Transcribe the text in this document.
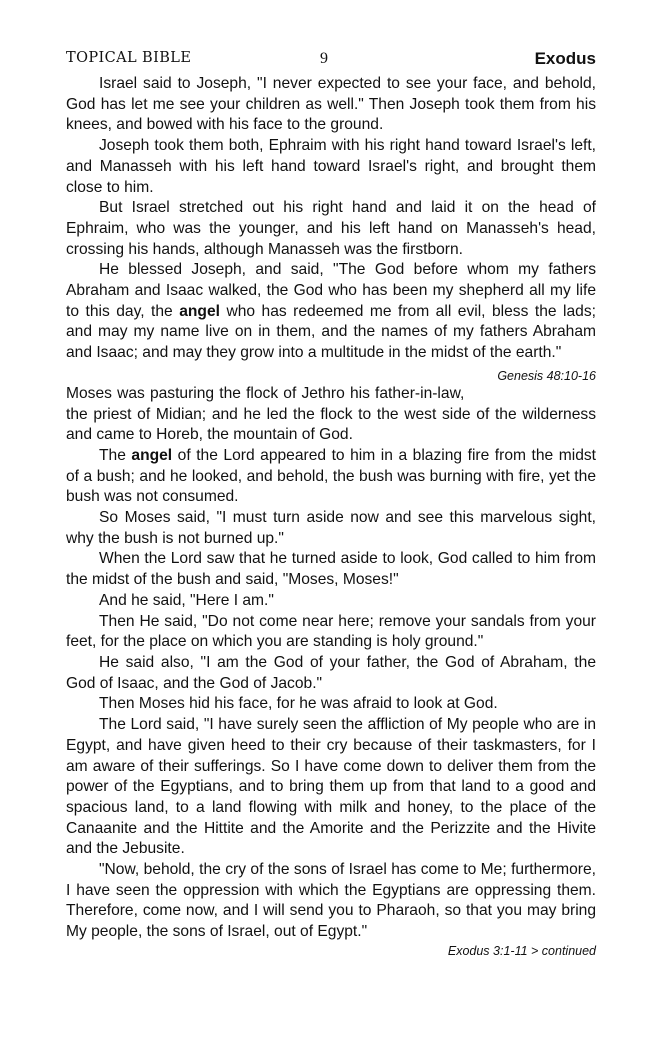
TOPICAL BIBLE	9	Exodus

Israel said to Joseph, "I never expected to see your face, and behold, God has let me see your children as well." Then Joseph took them from his knees, and bowed with his face to the ground.

Joseph took them both, Ephraim with his right hand toward Israel's left, and Manasseh with his left hand toward Israel's right, and brought them close to him.

But Israel stretched out his right hand and laid it on the head of Ephraim, who was the younger, and his left hand on Manasseh's head, crossing his hands, although Manasseh was the firstborn.

He blessed Joseph, and said, "The God before whom my fathers Abraham and Isaac walked, the God who has been my shepherd all my life to this day, the angel who has redeemed me from all evil, bless the lads; and may my name live on in them, and the names of my fathers Abraham and Isaac; and may they grow into a multitude in the midst of the earth."
Genesis 48:10-16

Moses was pasturing the flock of Jethro his father-in-law, the priest of Midian; and he led the flock to the west side of the wilderness and came to Horeb, the mountain of God.

The angel of the Lord appeared to him in a blazing fire from the midst of a bush; and he looked, and behold, the bush was burning with fire, yet the bush was not consumed.

So Moses said, "I must turn aside now and see this marvelous sight, why the bush is not burned up."

When the Lord saw that he turned aside to look, God called to him from the midst of the bush and said, "Moses, Moses!"

And he said, "Here I am."

Then He said, "Do not come near here; remove your sandals from your feet, for the place on which you are standing is holy ground."

He said also, "I am the God of your father, the God of Abraham, the God of Isaac, and the God of Jacob."

Then Moses hid his face, for he was afraid to look at God.

The Lord said, "I have surely seen the affliction of My people who are in Egypt, and have given heed to their cry because of their taskmasters, for I am aware of their sufferings. So I have come down to deliver them from the power of the Egyptians, and to bring them up from that land to a good and spacious land, to a land flowing with milk and honey, to the place of the Canaanite and the Hittite and the Amorite and the Perizzite and the Hivite and the Jebusite.

"Now, behold, the cry of the sons of Israel has come to Me; furthermore, I have seen the oppression with which the Egyptians are oppressing them. Therefore, come now, and I will send you to Pharaoh, so that you may bring My people, the sons of Israel, out of Egypt."

Exodus 3:1-11 > continued
